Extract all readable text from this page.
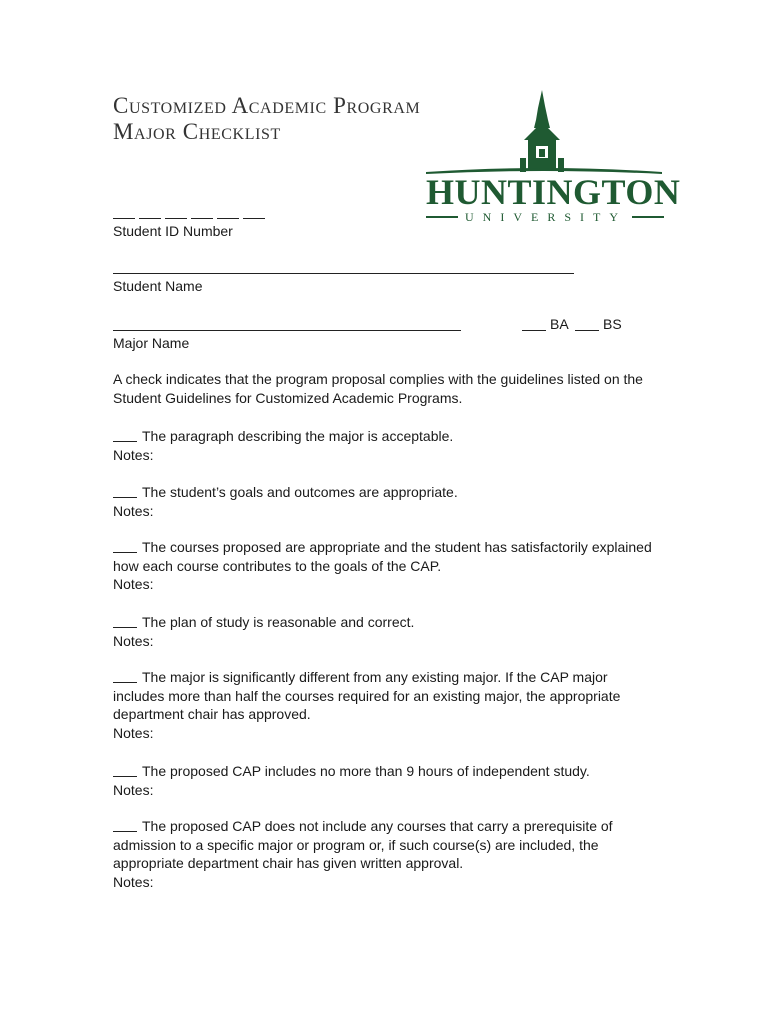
Customized Academic Program
Major Checklist
HUNTINGTON
UNIVERSITY
Student ID Number
Student Name
Major Name
BA	BS

A check indicates that the program proposal complies with the guidelines listed on the Student Guidelines for Customized Academic Programs.

The paragraph describing the major is acceptable.
Notes:
The student’s goals and outcomes are appropriate.
Notes:
The courses proposed are appropriate and the student has satisfactorily explained how each course contributes to the goals of the CAP.
Notes:
The plan of study is reasonable and correct.
Notes:
The major is significantly different from any existing major. If the CAP major includes more than half the courses required for an existing major, the appropriate department chair has approved.
Notes:
The proposed CAP includes no more than 9 hours of independent study.
Notes:
The proposed CAP does not include any courses that carry a prerequisite of admission to a specific major or program or, if such course(s) are included, the appropriate department chair has given written approval.
Notes:
